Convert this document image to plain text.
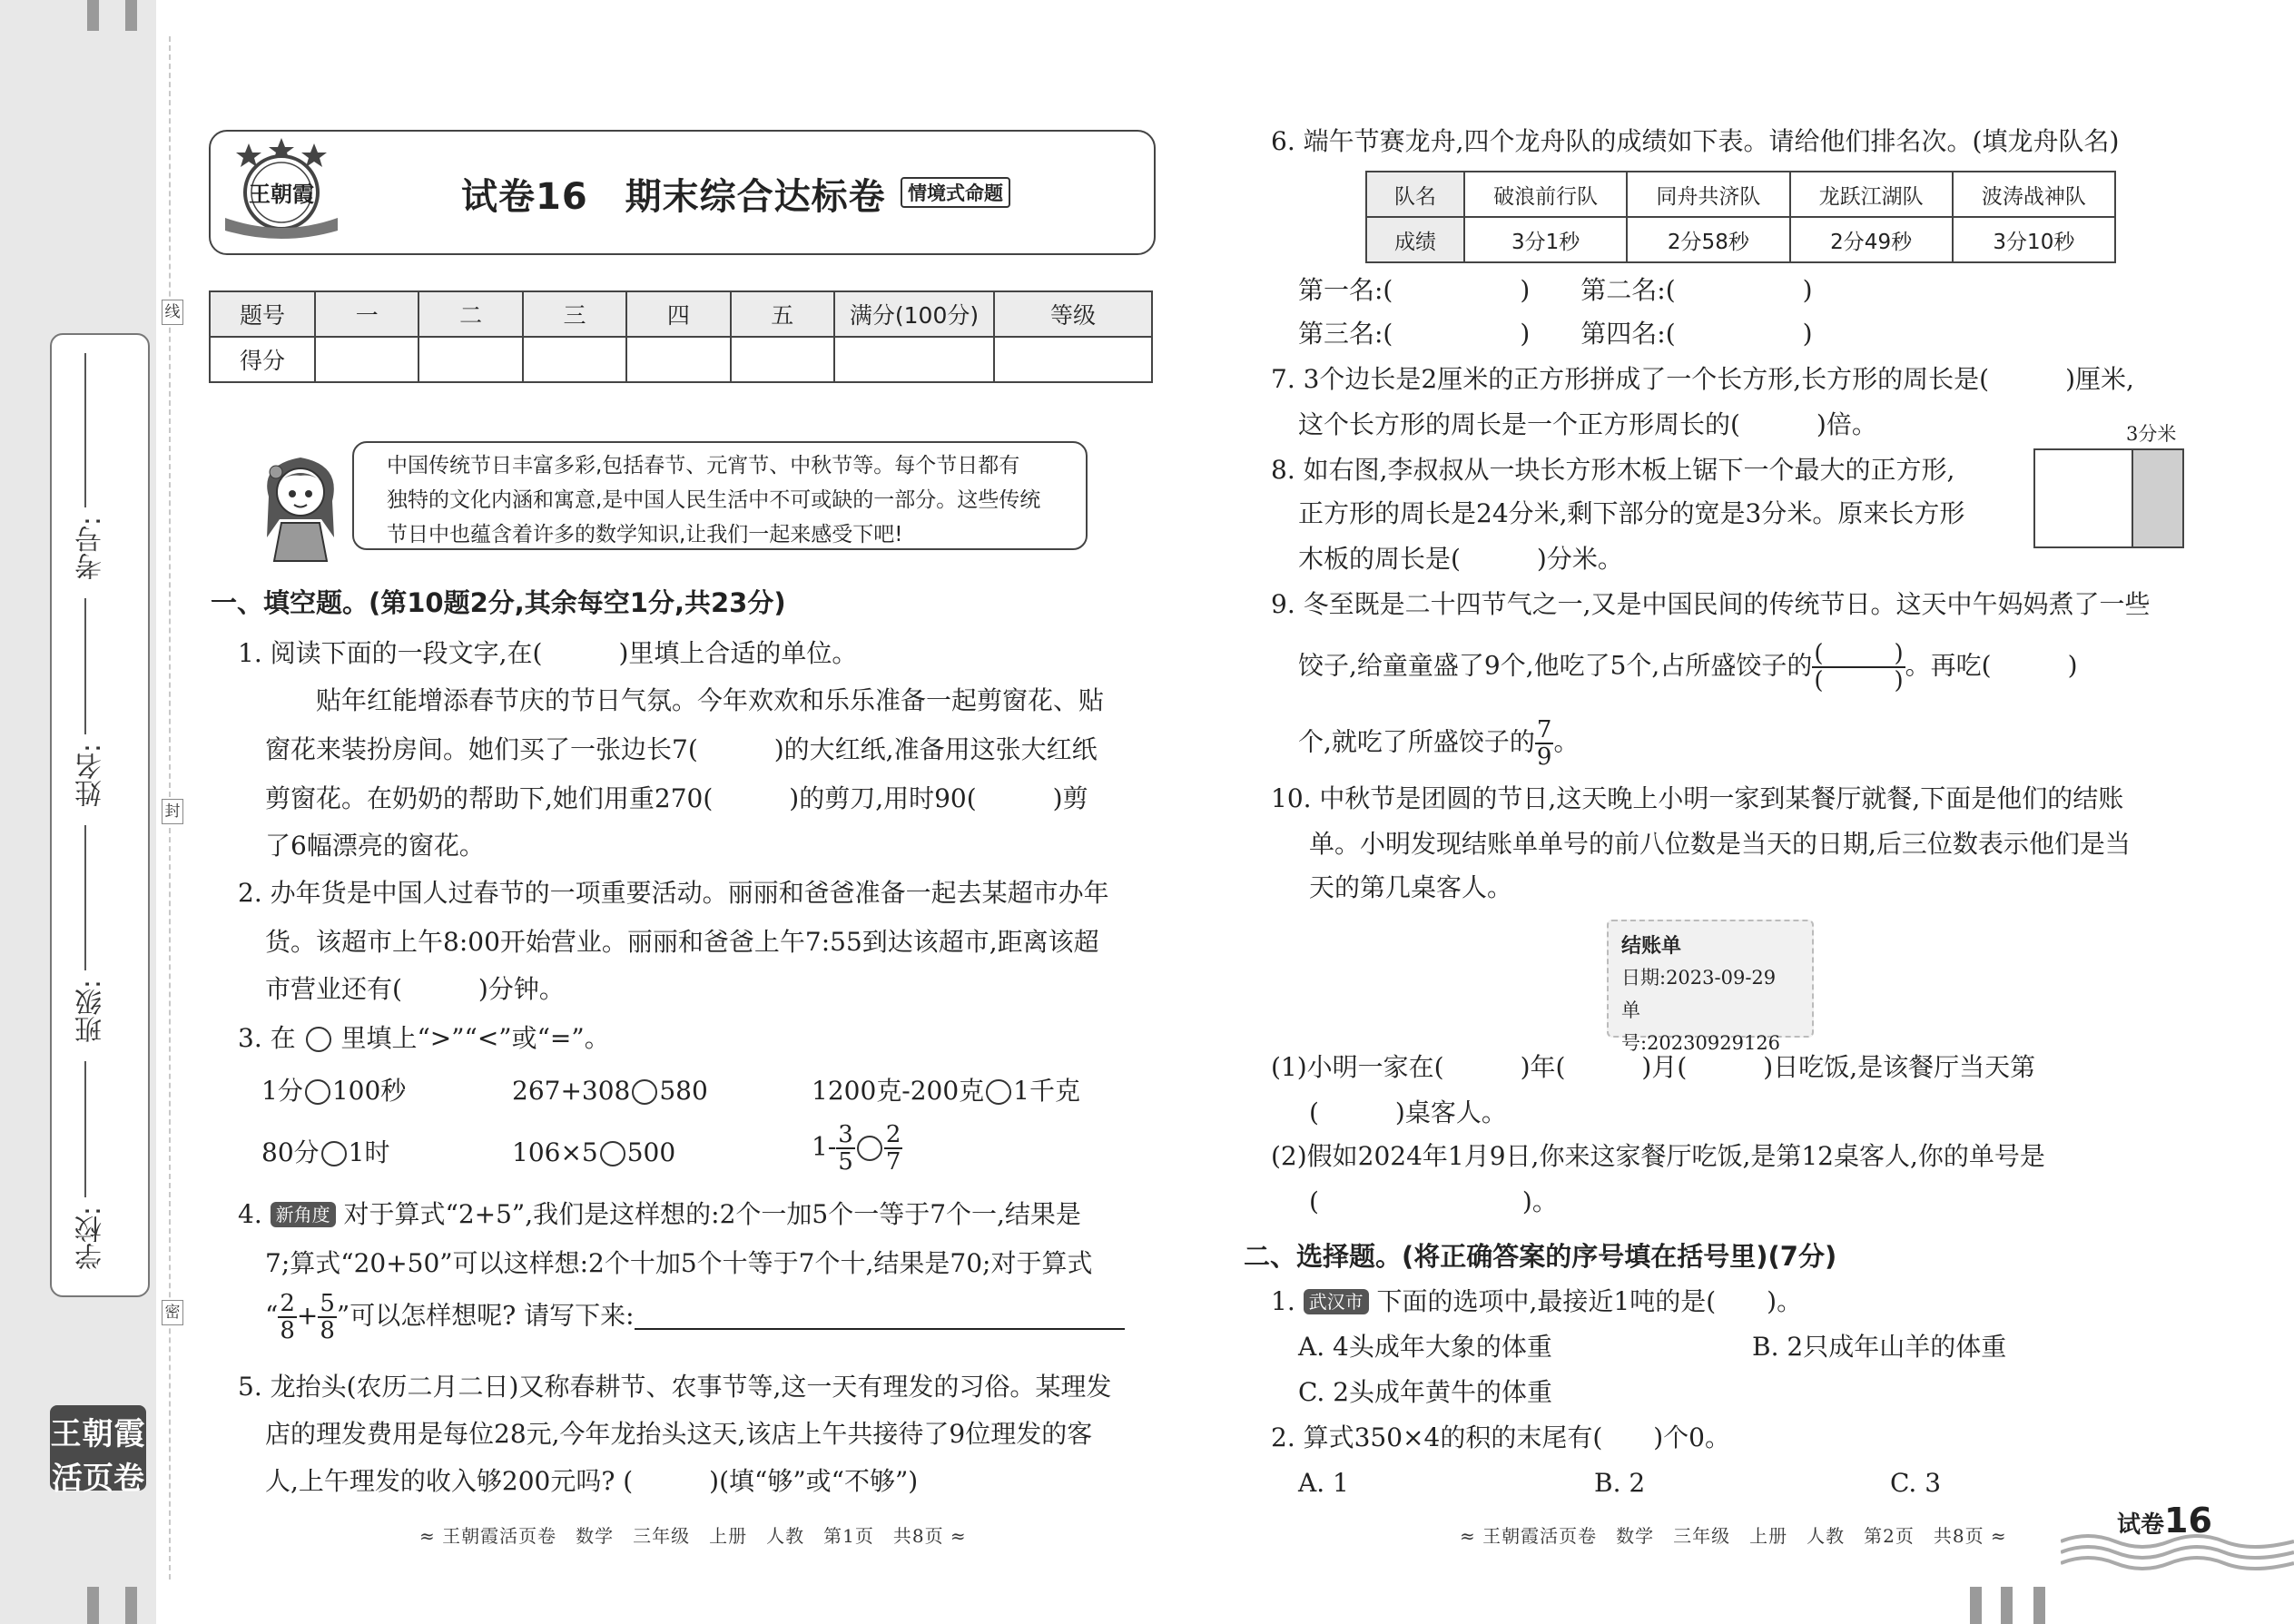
线
封
密
考号:
姓名:
班级:
学校:
王朝霞
活页卷
王朝霞	试卷16　期末综合达标卷	情境式命题
题号	一	二	三	四	五	满分(100分)	等级
得分							
中国传统节日丰富多彩,包括春节、元宵节、中秋节等。每个节日都有
独特的文化内涵和寓意,是中国人民生活中不可或缺的一部分。这些传统
节日中也蕴含着许多的数学知识,让我们一起来感受下吧!
一、填空题。(第10题2分,其余每空1分,共23分)
1. 阅读下面的一段文字,在(　　　)里填上合适的单位。
贴年红能增添春节庆的节日气氛。今年欢欢和乐乐准备一起剪窗花、贴
窗花来装扮房间。她们买了一张边长7(　　　)的大红纸,准备用这张大红纸
剪窗花。在奶奶的帮助下,她们用重270(　　　)的剪刀,用时90(　　　)剪
了6幅漂亮的窗花。
2. 办年货是中国人过春节的一项重要活动。丽丽和爸爸准备一起去某超市办年
货。该超市上午8:00开始营业。丽丽和爸爸上午7:55到达该超市,距离该超
市营业还有(　　　)分钟。
3. 在 里填上“>”“<”或“=”。
1分 100秒	267+308 580	1200克-200克 1千克
80分 1时	106×5 500	$1- \frac{3}{5} \frac{2}{7}$
4. 新角度 对于算式“2+5”,我们是这样想的:2个一加5个一等于7个一,结果是
7;算式“20+50”可以这样想:2个十加5个十等于7个十,结果是70;对于算式
“ $\frac{2}{8} + \frac{5}{8}$ ”可以怎样想呢? 请写下来:
5. 龙抬头(农历二月二日)又称春耕节、农事节等,这一天有理发的习俗。某理发
店的理发费用是每位28元,今年龙抬头这天,该店上午共接待了9位理发的客
人,上午理发的收入够200元吗? (　　　)(填“够”或“不够”)
≈ 王朝霞活页卷　数学　三年级　上册　人教　第1页　共8页 ≈
6. 端午节赛龙舟,四个龙舟队的成绩如下表。请给他们排名次。(填龙舟队名)
队名	破浪前行队	同舟共济队	龙跃江湖队	波涛战神队
成绩	3分1秒	2分58秒	2分49秒	3分10秒
第一名:(　　　　　)　　第二名:(　　　　　)
第三名:(　　　　　)　　第四名:(　　　　　)
7. 3个边长是2厘米的正方形拼成了一个长方形,长方形的周长是(　　　)厘米,
这个长方形的周长是一个正方形周长的(　　　)倍。	3分米
8. 如右图,李叔叔从一块长方形木板上锯下一个最大的正方形,
正方形的周长是24分米,剩下部分的宽是3分米。原来长方形
木板的周长是(　　　)分米。
9. 冬至既是二十四节气之一,又是中国民间的传统节日。这天中午妈妈煮了一些
饺子,给童童盛了9个,他吃了5个,占所盛饺子的 $\frac{( )}{( )}$ 。再吃(　　　)
个,就吃了所盛饺子的 $\frac{7}{9}$ 。
10. 中秋节是团圆的节日,这天晚上小明一家到某餐厅就餐,下面是他们的结账
单。小明发现结账单单号的前八位数是当天的日期,后三位数表示他们是当
天的第几桌客人。
结账单
日期:2023-09-29
单号:20230929126
(1)小明一家在(　　　)年(　　　)月(　　　)日吃饭,是该餐厅当天第
(　　　)桌客人。
(2)假如2024年1月9日,你来这家餐厅吃饭,是第12桌客人,你的单号是
(　　　　　　　　)。
二、选择题。(将正确答案的序号填在括号里)(7分)
1. 武汉市 下面的选项中,最接近1吨的是(　　)。
A. 4头成年大象的体重	B. 2只成年山羊的体重
C. 2头成年黄牛的体重
2. 算式350×4的积的末尾有(　　)个0。
A. 1	B. 2	C. 3
≈ 王朝霞活页卷　数学　三年级　上册　人教　第2页　共8页 ≈	试卷16
